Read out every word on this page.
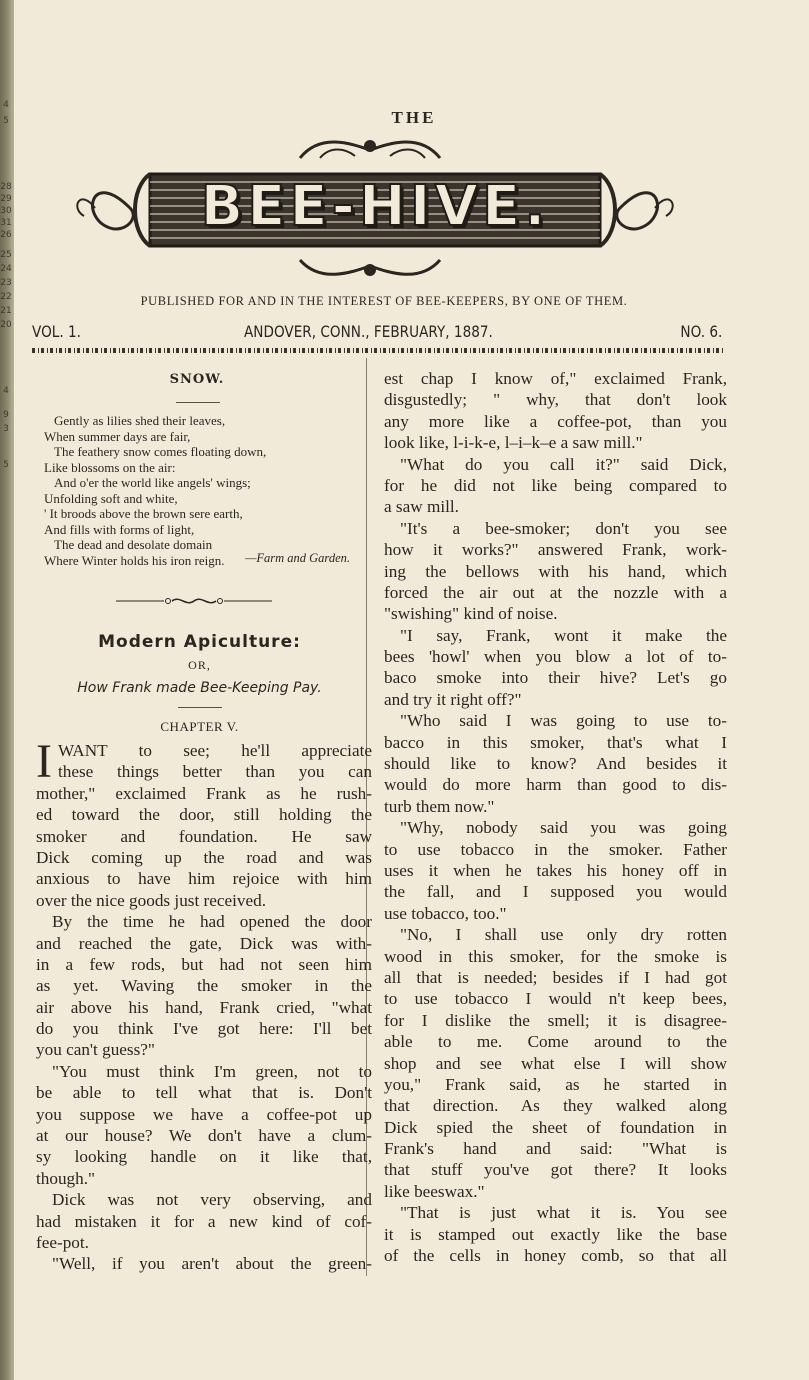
4
5
28
29
30
31
26
25
24
23
22
21
20
4
9
3
5
THE
BEE-HIVE.
PUBLISHED FOR AND IN THE INTEREST OF BEE-KEEPERS, BY ONE OF THEM.
VOL. 1.	ANDOVER, CONN., FEBRUARY, 1887.	NO. 6.
SNOW.
Gently as lilies shed their leaves,
When summer days are fair,
The feathery snow comes floating down,
Like blossoms on the air:
And o'er the world like angels' wings;
Unfolding soft and white,
' It broods above the brown sere earth,
And fills with forms of light,
The dead and desolate domain
Where Winter holds his iron reign.	—Farm and Garden.
Modern Apiculture:
OR,
How Frank made Bee-Keeping Pay.
CHAPTER V.
I WANT to see; he'll appreciate
these things better than you can
mother," exclaimed Frank as he rush-
ed toward the door, still holding the
smoker and foundation. He saw
Dick coming up the road and was
anxious to have him rejoice with him
over the nice goods just received.
By the time he had opened the door
and reached the gate, Dick was with-
in a few rods, but had not seen him
as yet. Waving the smoker in the
air above his hand, Frank cried, "what
do you think I've got here: I'll bet
you can't guess?"
"You must think I'm green, not to
be able to tell what that is. Don't
you suppose we have a coffee-pot up
at our house? We don't have a clum-
sy looking handle on it like that,
though."
Dick was not very observing, and
had mistaken it for a new kind of cof-
fee-pot.
"Well, if you aren't about the green-
est chap I know of," exclaimed Frank,
disgustedly; " why, that don't look
any more like a coffee-pot, than you
look like, l-i-k-e, l–i–k–e a saw mill."
"What do you call it?" said Dick,
for he did not like being compared to
a saw mill.
"It's a bee-smoker; don't you see
how it works?" answered Frank, work-
ing the bellows with his hand, which
forced the air out at the nozzle with a
"swishing" kind of noise.
"I say, Frank, wont it make the
bees 'howl' when you blow a lot of to-
baco smoke into their hive? Let's go
and try it right off?"
"Who said I was going to use to-
bacco in this smoker, that's what I
should like to know? And besides it
would do more harm than good to dis-
turb them now."
"Why, nobody said you was going
to use tobacco in the smoker. Father
uses it when he takes his honey off in
the fall, and I supposed you would
use tobacco, too."
"No, I shall use only dry rotten
wood in this smoker, for the smoke is
all that is needed; besides if I had got
to use tobacco I would n't keep bees,
for I dislike the smell; it is disagree-
able to me. Come around to the
shop and see what else I will show
you," Frank said, as he started in
that direction. As they walked along
Dick spied the sheet of foundation in
Frank's hand and said: "What is
that stuff you've got there? It looks
like beeswax."
"That is just what it is. You see
it is stamped out exactly like the base
of the cells in honey comb, so that all
